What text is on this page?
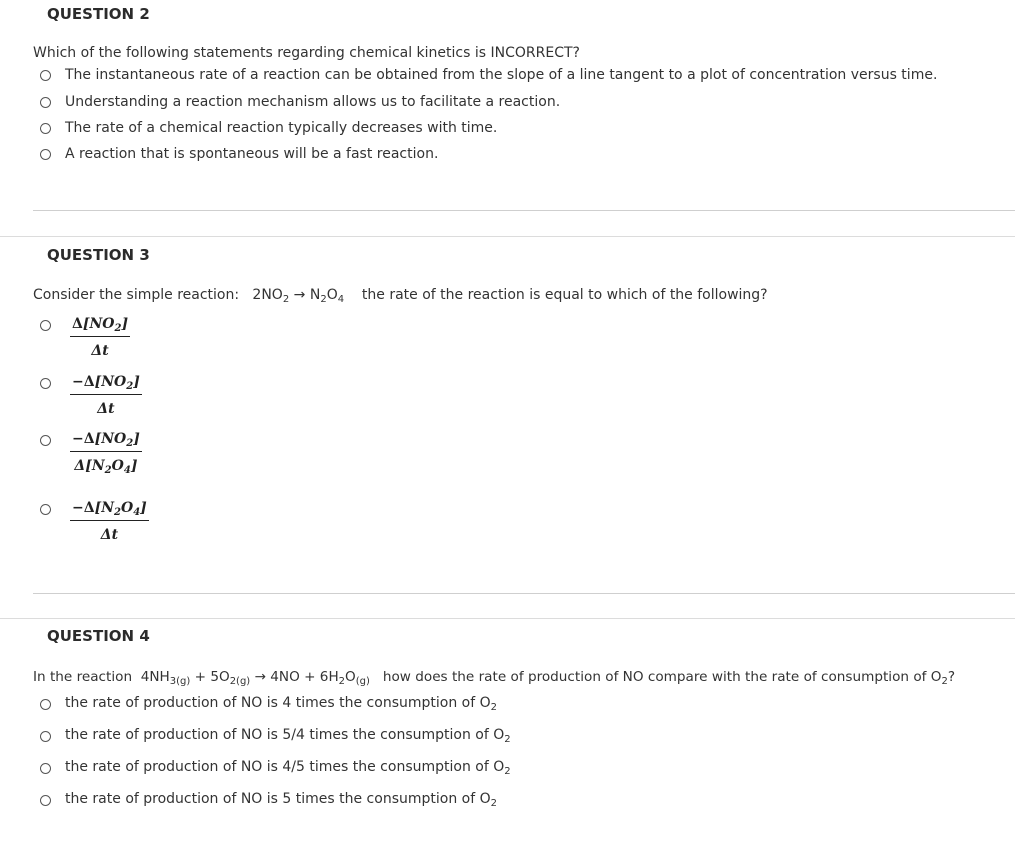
QUESTION 2
Which of the following statements regarding chemical kinetics is INCORRECT?
The instantaneous rate of a reaction can be obtained from the slope of a line tangent to a plot of concentration versus time.
Understanding a reaction mechanism allows us to facilitate a reaction.
The rate of a chemical reaction typically decreases with time.
A reaction that is spontaneous will be a fast reaction.
QUESTION 3
Consider the simple reaction: $2NO_2 \to N_2O_4$ the rate of the reaction is equal to which of the following?
$\frac{\Delta[NO_2]}{\Delta t}$
$\frac{-\Delta[NO_2]}{\Delta t}$
$\frac{-\Delta[NO_2]}{\Delta[N_2O_4]}$
$\frac{-\Delta[N_2O_4]}{\Delta t}$
QUESTION 4
In the reaction $4NH_{3(g)} + 5O_{2(g)} \to 4NO + 6H_2O_{(g)}$ how does the rate of production of NO compare with the rate of consumption of $O_2$?
the rate of production of NO is 4 times the consumption of $O_2$
the rate of production of NO is 5/4 times the consumption of $O_2$
the rate of production of NO is 4/5 times the consumption of $O_2$
the rate of production of NO is 5 times the consumption of $O_2$
